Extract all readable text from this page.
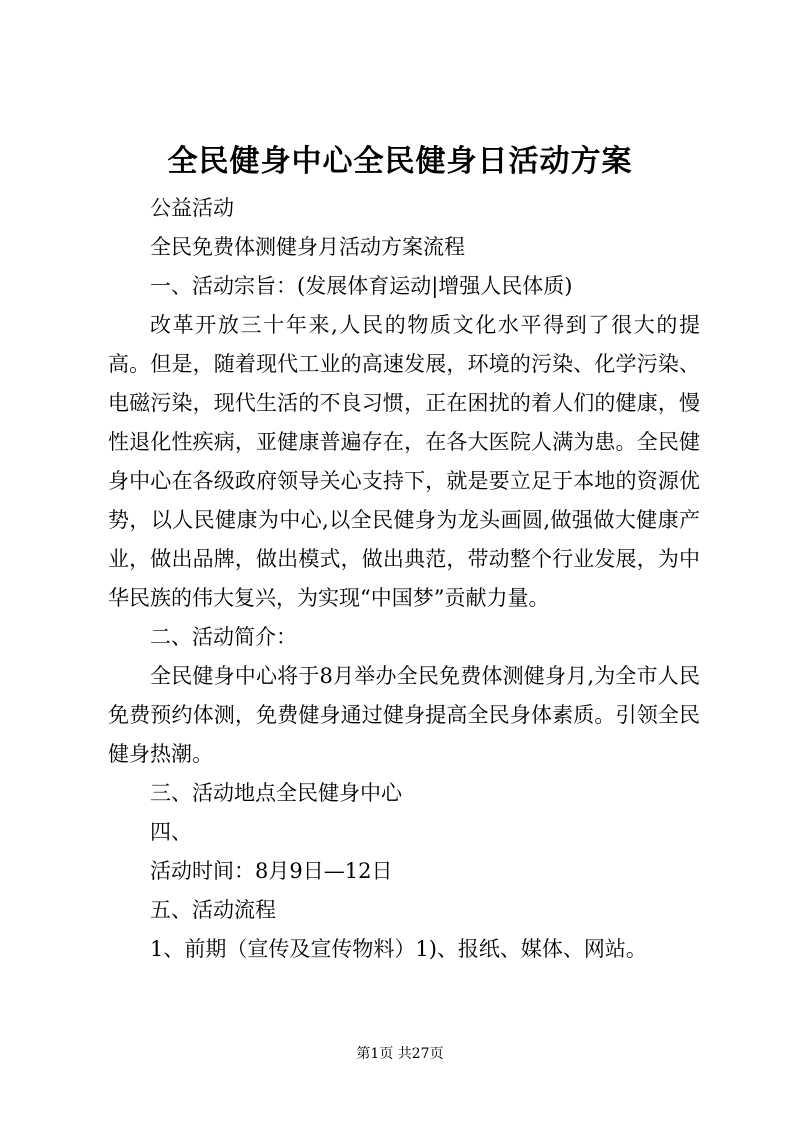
全民健身中心全民健身日活动方案

公益活动

全民免费体测健身月活动方案流程

一、活动宗旨：(发展体育运动|增强人民体质)

改革开放三十年来,人民的物质文化水平得到了很大的提高。但是，随着现代工业的高速发展，环境的污染、化学污染、电磁污染，现代生活的不良习惯，正在困扰的着人们的健康，慢性退化性疾病，亚健康普遍存在，在各大医院人满为患。全民健身中心在各级政府领导关心支持下，就是要立足于本地的资源优势，以人民健康为中心,以全民健身为龙头画圆,做强做大健康产业，做出品牌，做出模式，做出典范，带动整个行业发展，为中华民族的伟大复兴，为实现“中国梦”贡献力量。

二、活动简介：

全民健身中心将于8月举办全民免费体测健身月,为全市人民免费预约体测，免费健身通过健身提高全民身体素质。引领全民健身热潮。

三、活动地点全民健身中心

四、

活动时间：8月9日—12日

五、活动流程

1、前期（宣传及宣传物料）1)、报纸、媒体、网站。

第1页 共27页
